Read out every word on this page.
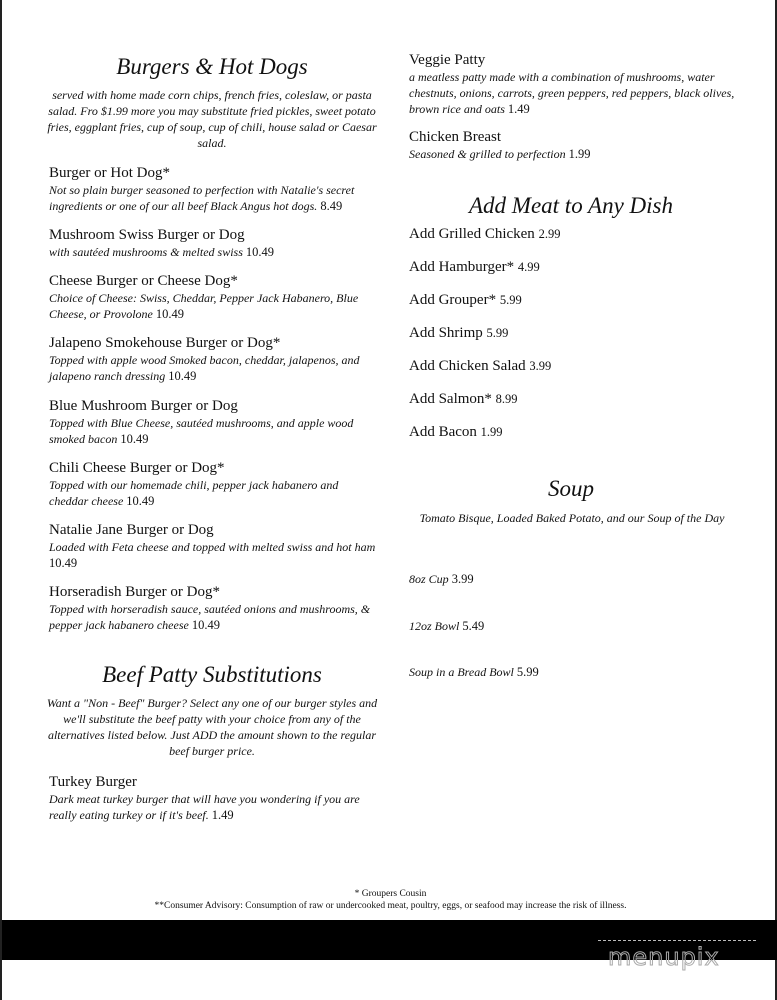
Burgers & Hot Dogs
served with home made corn chips, french fries, coleslaw, or pasta salad. Fro $1.99 more you may substitute fried pickles, sweet potato fries, eggplant fries, cup of soup, cup of chili, house salad or Caesar salad.
Burger or Hot Dog*
Not so plain burger seasoned to perfection with Natalie's secret ingredients or one of our all beef Black Angus hot dogs. 8.49
Mushroom Swiss Burger or Dog
with sautéed mushrooms & melted swiss 10.49
Cheese Burger or Cheese Dog*
Choice of Cheese: Swiss, Cheddar, Pepper Jack Habanero, Blue Cheese, or Provolone 10.49
Jalapeno Smokehouse Burger or Dog*
Topped with apple wood Smoked bacon, cheddar, jalapenos, and jalapeno ranch dressing 10.49
Blue Mushroom Burger or Dog
Topped with Blue Cheese, sautéed mushrooms, and apple wood smoked bacon 10.49
Chili Cheese Burger or Dog*
Topped with our homemade chili, pepper jack habanero and cheddar cheese 10.49
Natalie Jane Burger or Dog
Loaded with Feta cheese and topped with melted swiss and hot ham 10.49
Horseradish Burger or Dog*
Topped with horseradish sauce, sautéed onions and mushrooms, & pepper jack habanero cheese 10.49
Beef Patty Substitutions
Want a "Non - Beef" Burger? Select any one of our burger styles and we'll substitute the beef patty with your choice from any of the alternatives listed below. Just ADD the amount shown to the regular beef burger price.
Turkey Burger
Dark meat turkey burger that will have you wondering if you are really eating turkey or if it's beef. 1.49
Veggie Patty
a meatless patty made with a combination of mushrooms, water chestnuts, onions, carrots, green peppers, red peppers, black olives, brown rice and oats 1.49
Chicken Breast
Seasoned & grilled to perfection 1.99
Add Meat to Any Dish
Add Grilled Chicken 2.99
Add Hamburger* 4.99
Add Grouper* 5.99
Add Shrimp 5.99
Add Chicken Salad 3.99
Add Salmon* 8.99
Add Bacon 1.99
Soup
Tomato Bisque, Loaded Baked Potato, and our Soup of the Day
8oz Cup 3.99
12oz Bowl 5.49
Soup in a Bread Bowl 5.99
* Groupers Cousin
**Consumer Advisory: Consumption of raw or undercooked meat, poultry, eggs, or seafood may increase the risk of illness.
menupix
